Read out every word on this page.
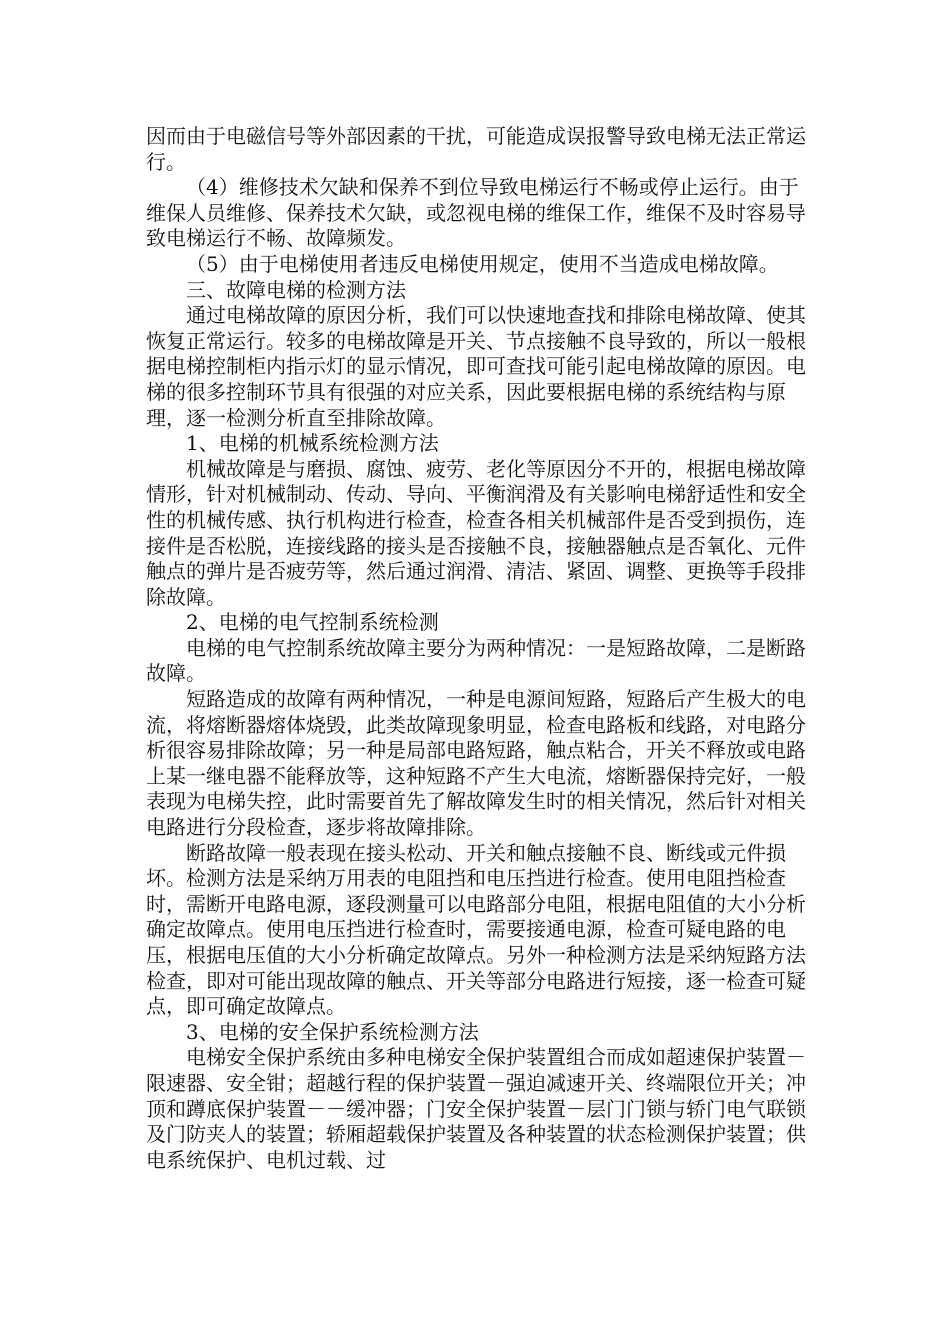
因而由于电磁信号等外部因素的干扰，可能造成误报警导致电梯无法正常运行。

（4）维修技术欠缺和保养不到位导致电梯运行不畅或停止运行。由于维保人员维修、保养技术欠缺，或忽视电梯的维保工作，维保不及时容易导致电梯运行不畅、故障频发。

（5）由于电梯使用者违反电梯使用规定，使用不当造成电梯故障。

三、故障电梯的检测方法

通过电梯故障的原因分析，我们可以快速地查找和排除电梯故障、使其恢复正常运行。较多的电梯故障是开关、节点接触不良导致的，所以一般根据电梯控制柜内指示灯的显示情况，即可查找可能引起电梯故障的原因。电梯的很多控制环节具有很强的对应关系，因此要根据电梯的系统结构与原理，逐一检测分析直至排除故障。

1、电梯的机械系统检测方法

机械故障是与磨损、腐蚀、疲劳、老化等原因分不开的，根据电梯故障情形，针对机械制动、传动、导向、平衡润滑及有关影响电梯舒适性和安全性的机械传感、执行机构进行检查，检查各相关机械部件是否受到损伤，连接件是否松脱，连接线路的接头是否接触不良，接触器触点是否氧化、元件触点的弹片是否疲劳等，然后通过润滑、清洁、紧固、调整、更换等手段排除故障。

2、电梯的电气控制系统检测

电梯的电气控制系统故障主要分为两种情况：一是短路故障，二是断路故障。

短路造成的故障有两种情况，一种是电源间短路，短路后产生极大的电流，将熔断器熔体烧毁，此类故障现象明显，检查电路板和线路，对电路分析很容易排除故障；另一种是局部电路短路，触点粘合，开关不释放或电路上某一继电器不能释放等，这种短路不产生大电流，熔断器保持完好，一般表现为电梯失控，此时需要首先了解故障发生时的相关情况，然后针对相关电路进行分段检查，逐步将故障排除。

断路故障一般表现在接头松动、开关和触点接触不良、断线或元件损坏。检测方法是采纳万用表的电阻挡和电压挡进行检查。使用电阻挡检查时，需断开电路电源，逐段测量可以电路部分电阻，根据电阻值的大小分析确定故障点。使用电压挡进行检查时，需要接通电源，检查可疑电路的电压，根据电压值的大小分析确定故障点。另外一种检测方法是采纳短路方法检查，即对可能出现故障的触点、开关等部分电路进行短接，逐一检查可疑点，即可确定故障点。

3、电梯的安全保护系统检测方法

电梯安全保护系统由多种电梯安全保护装置组合而成如超速保护装置－限速器、安全钳；超越行程的保护装置－强迫减速开关、终端限位开关；冲顶和蹲底保护装置－－缓冲器；门安全保护装置－层门门锁与轿门电气联锁及门防夹人的装置；轿厢超载保护装置及各种装置的状态检测保护装置；供电系统保护、电机过载、过
